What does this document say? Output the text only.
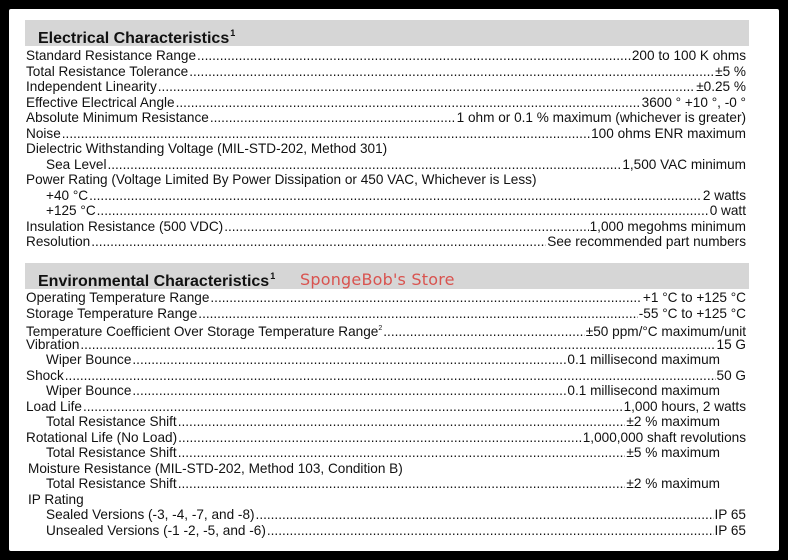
Electrical Characteristics$^1$
Standard Resistance Range .....	200 to 100 K ohms
Total Resistance Tolerance .....	±5 %
Independent Linearity .....	±0.25 %
Effective Electrical Angle .....	3600 ° +10 °, -0 °
Absolute Minimum Resistance .....	1 ohm or 0.1 % maximum (whichever is greater)
Noise .....	100 ohms ENR maximum
Dielectric Withstanding Voltage (MIL-STD-202, Method 301)
Sea Level .....	1,500 VAC minimum
Power Rating (Voltage Limited By Power Dissipation or 450 VAC, Whichever is Less)
+40 °C .....	2 watts
+125 °C .....	0 watt
Insulation Resistance (500 VDC) .....	1,000 megohms minimum
Resolution .....	See recommended part numbers
Environmental Characteristics$^1$	SpongeBob's Store
Operating Temperature Range .....	+1 °C to +125 °C
Storage Temperature Range .....	-55 °C to +125 °C
Temperature Coefficient Over Storage Temperature Range$^2$ .....	±50 ppm/°C maximum/unit
Vibration .....	15 G
Wiper Bounce .....	0.1 millisecond maximum
Shock .....	50 G
Wiper Bounce .....	0.1 millisecond maximum
Load Life .....	1,000 hours, 2 watts
Total Resistance Shift .....	±2 % maximum
Rotational Life (No Load) .....	1,000,000 shaft revolutions
Total Resistance Shift .....	±5 % maximum
Moisture Resistance (MIL-STD-202, Method 103, Condition B)
Total Resistance Shift .....	±2 % maximum
IP Rating
Sealed Versions (-3, -4, -7, and -8) .....	IP 65
Unsealed Versions (-1 -2, -5, and -6) .....	IP 65
